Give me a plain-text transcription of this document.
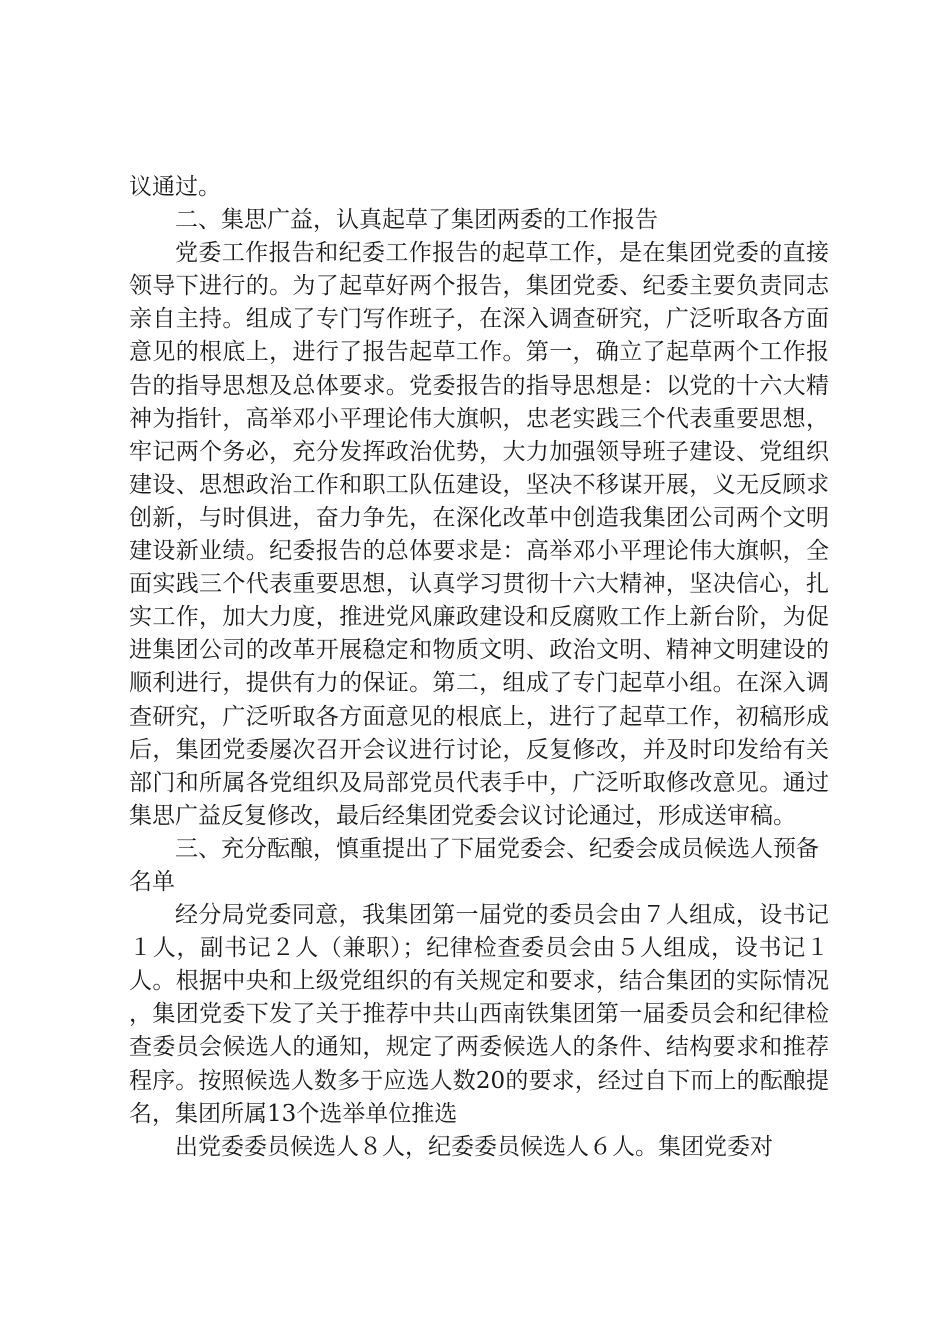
议通过。

二、集思广益，认真起草了集团两委的工作报告

党委工作报告和纪委工作报告的起草工作，是在集团党委的直接领导下进行的。为了起草好两个报告，集团党委、纪委主要负责同志亲自主持。组成了专门写作班子，在深入调查研究，广泛听取各方面意见的根底上，进行了报告起草工作。第一，确立了起草两个工作报告的指导思想及总体要求。党委报告的指导思想是：以党的十六大精神为指针，高举邓小平理论伟大旗帜，忠老实践三个代表重要思想，牢记两个务必，充分发挥政治优势，大力加强领导班子建设、党组织建设、思想政治工作和职工队伍建设，坚决不移谋开展，义无反顾求创新，与时俱进，奋力争先，在深化改革中创造我集团公司两个文明建设新业绩。纪委报告的总体要求是：高举邓小平理论伟大旗帜，全面实践三个代表重要思想，认真学习贯彻十六大精神，坚决信心，扎实工作，加大力度，推进党风廉政建设和反腐败工作上新台阶，为促进集团公司的改革开展稳定和物质文明、政治文明、精神文明建设的顺利进行，提供有力的保证。第二，组成了专门起草小组。在深入调查研究，广泛听取各方面意见的根底上，进行了起草工作，初稿形成后，集团党委屡次召开会议进行讨论，反复修改，并及时印发给有关部门和所属各党组织及局部党员代表手中，广泛听取修改意见。通过集思广益反复修改，最后经集团党委会议讨论通过，形成送审稿。

三、充分酝酿，慎重提出了下届党委会、纪委会成员候选人预备名单

经分局党委同意，我集团第一届党的委员会由７人组成，设书记１人，副书记２人（兼职）；纪律检查委员会由５人组成，设书记１人。根据中央和上级党组织的有关规定和要求，结合集团的实际情况，集团党委下发了关于推荐中共山西南铁集团第一届委员会和纪律检查委员会候选人的通知，规定了两委候选人的条件、结构要求和推荐程序。按照候选人数多于应选人数20的要求，经过自下而上的酝酿提名，集团所属13个选举单位推选

出党委委员候选人８人，纪委委员候选人６人。集团党委对
